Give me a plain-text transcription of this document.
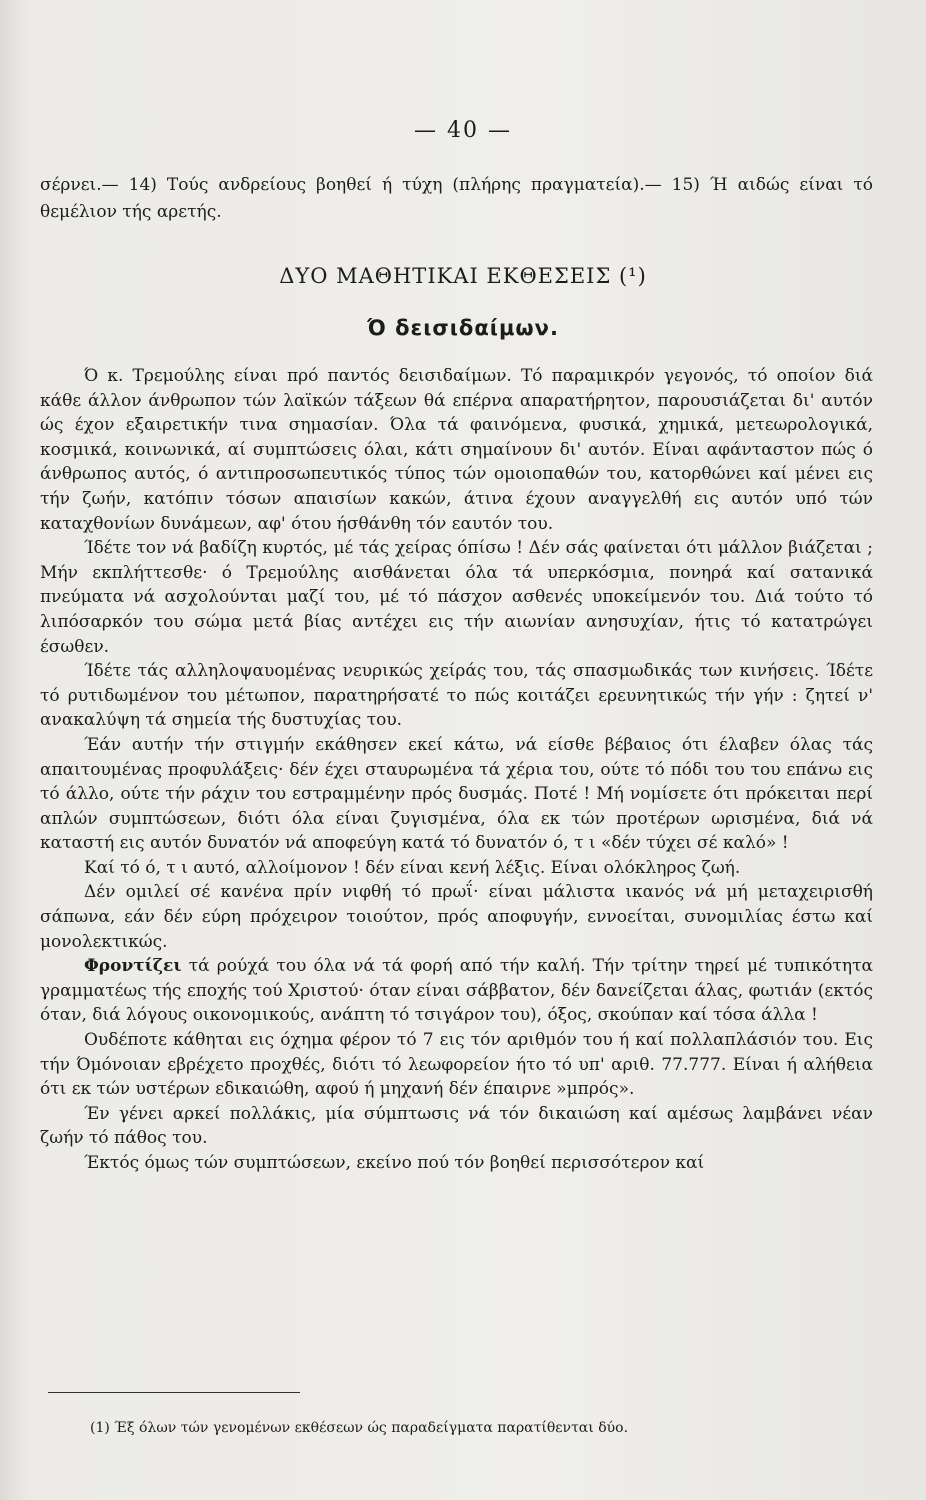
— 40 —

σέρνει.— 14) Τούς ανδρείους βοηθεί ή τύχη (πλήρης πραγματεία).— 15) Ή αιδώς είναι τό θεμέλιον τής αρετής.

ΔΥΟ ΜΑΘΗΤΙΚΑΙ ΕΚΘΕΣΕΙΣ (¹)
Ό δεισιδαίμων.

Ό κ. Τρεμούλης είναι πρό παντός δεισιδαίμων. Τό παραμικρόν γεγονός, τό οποίον διά κάθε άλλον άνθρωπον τών λαϊκών τάξεων θά επέρνα απαρατήρητον, παρουσιάζεται δι' αυτόν ώς έχον εξαιρετικήν τινα σημασίαν. Όλα τά φαινόμενα, φυσικά, χημικά, μετεωρολογικά, κοσμικά, κοινωνικά, αί συμπτώσεις όλαι, κάτι σημαίνουν δι' αυτόν. Είναι αφάνταστον πώς ό άνθρωπος αυτός, ό αντιπροσωπευτικός τύπος τών ομοιοπαθών του, κατορθώνει καί μένει εις τήν ζωήν, κατόπιν τόσων απαισίων κακών, άτινα έχουν αναγγελθή εις αυτόν υπό τών καταχθονίων δυνάμεων, αφ' ότου ήσθάνθη τόν εαυτόν του.

Ίδέτε τον νά βαδίζη κυρτός, μέ τάς χείρας όπίσω ! Δέν σάς φαίνεται ότι μάλλον βιάζεται ; Μήν εκπλήττεσθε· ό Τρεμούλης αισθάνεται όλα τά υπερκόσμια, πονηρά καί σατανικά πνεύματα νά ασχολούνται μαζί του, μέ τό πάσχον ασθενές υποκείμενόν του. Διά τούτο τό λιπόσαρκόν του σώμα μετά βίας αντέχει εις τήν αιωνίαν ανησυχίαν, ήτις τό κατατρώγει έσωθεν.

Ίδέτε τάς αλληλοψαυομένας νευρικώς χείράς του, τάς σπασμωδικάς των κινήσεις. Ίδέτε τό ρυτιδωμένον του μέτωπον, παρατηρήσατέ το πώς κοιτάζει ερευνητικώς τήν γήν : ζητεί ν' ανακαλύψη τά σημεία τής δυστυχίας του.

Έάν αυτήν τήν στιγμήν εκάθησεν εκεί κάτω, νά είσθε βέβαιος ότι έλαβεν όλας τάς απαιτουμένας προφυλάξεις· δέν έχει σταυρωμένα τά χέρια του, ούτε τό πόδι του του επάνω εις τό άλλο, ούτε τήν ράχιν του εστραμμένην πρός δυσμάς. Ποτέ ! Μή νομίσετε ότι πρόκειται περί απλών συμπτώσεων, διότι όλα είναι ζυγισμένα, όλα εκ τών προτέρων ωρισμένα, διά νά καταστή εις αυτόν δυνατόν νά αποφεύγη κατά τό δυνατόν ό, τ ι «δέν τύχει σέ καλό» !

Καί τό ό, τ ι αυτό, αλλοίμονον ! δέν είναι κενή λέξις. Είναι ολόκληρος ζωή.

Δέν ομιλεί σέ κανένα πρίν νιφθή τό πρωΐ· είναι μάλιστα ικανός νά μή μεταχειρισθή σάπωνα, εάν δέν εύρη πρόχειρον τοιούτον, πρός αποφυγήν, εννοείται, συνομιλίας έστω καί μονολεκτικώς.

Φροντίζει τά ρούχά του όλα νά τά φορή από τήν καλή. Τήν τρίτην τηρεί μέ τυπικότητα γραμματέως τής εποχής τού Χριστού· όταν είναι σάββατον, δέν δανείζεται άλας, φωτιάν (εκτός όταν, διά λόγους οικονομικούς, ανάπτη τό τσιγάρον του), όξος, σκούπαν καί τόσα άλλα !

Ουδέποτε κάθηται εις όχημα φέρον τό 7 εις τόν αριθμόν του ή καί πολλαπλάσιόν του. Εις τήν Όμόνοιαν εβρέχετο προχθές, διότι τό λεωφορείον ήτο τό υπ' αριθ. 77.777. Είναι ή αλήθεια ότι εκ τών υστέρων εδικαιώθη, αφού ή μηχανή δέν έπαιρνε »μπρός».

Έν γένει αρκεί πολλάκις, μία σύμπτωσις νά τόν δικαιώση καί αμέσως λαμβάνει νέαν ζωήν τό πάθος του.

Έκτός όμως τών συμπτώσεων, εκείνο πού τόν βοηθεί περισσότερον καί

(1) Έξ όλων τών γενομένων εκθέσεων ώς παραδείγματα παρατίθενται δύο.
